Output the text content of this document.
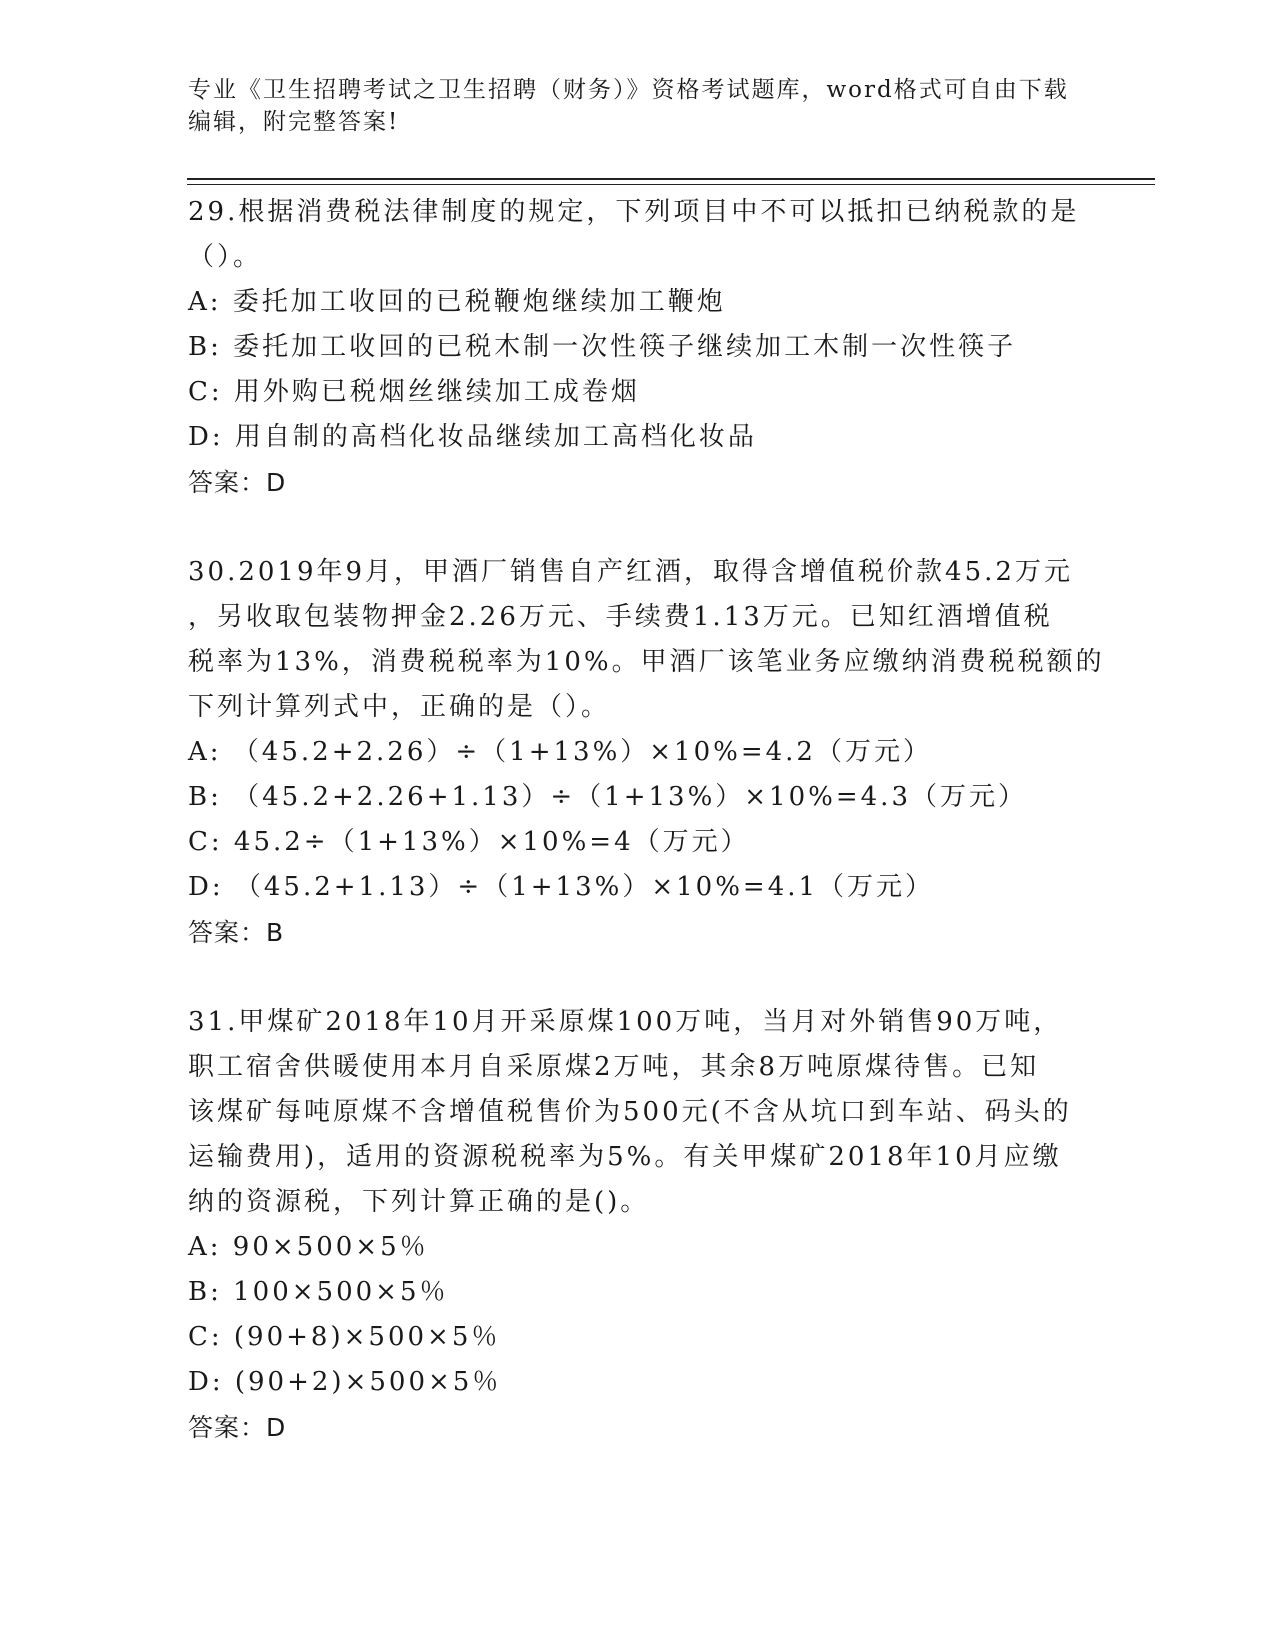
专业《卫生招聘考试之卫生招聘（财务）》资格考试题库，word格式可自由下载
编辑，附完整答案!
29.根据消费税法律制度的规定，下列项目中不可以抵扣已纳税款的是
（）。
A: 委托加工收回的已税鞭炮继续加工鞭炮
B: 委托加工收回的已税木制一次性筷子继续加工木制一次性筷子
C: 用外购已税烟丝继续加工成卷烟
D: 用自制的高档化妆品继续加工高档化妆品
答案：D
30.2019年9月，甲酒厂销售自产红酒，取得含增值税价款45.2万元
，另收取包装物押金2.26万元、手续费1.13万元。已知红酒增值税
税率为13%，消费税税率为10%。甲酒厂该笔业务应缴纳消费税税额的
下列计算列式中，正确的是（）。
A: （45.2+2.26）÷（1+13%）×10%=4.2（万元）
B: （45.2+2.26+1.13）÷（1+13%）×10%=4.3（万元）
C: 45.2÷（1+13%）×10%=4（万元）
D: （45.2+1.13）÷（1+13%）×10%=4.1（万元）
答案：B
31.甲煤矿2018年10月开采原煤100万吨，当月对外销售90万吨，
职工宿舍供暖使用本月自采原煤2万吨，其余8万吨原煤待售。已知
该煤矿每吨原煤不含增值税售价为500元(不含从坑口到车站、码头的
运输费用)，适用的资源税税率为5%。有关甲煤矿2018年10月应缴
纳的资源税，下列计算正确的是()。
A: 90×500×5％
B: 100×500×5％
C: (90+8)×500×5％
D: (90+2)×500×5％
答案：D
